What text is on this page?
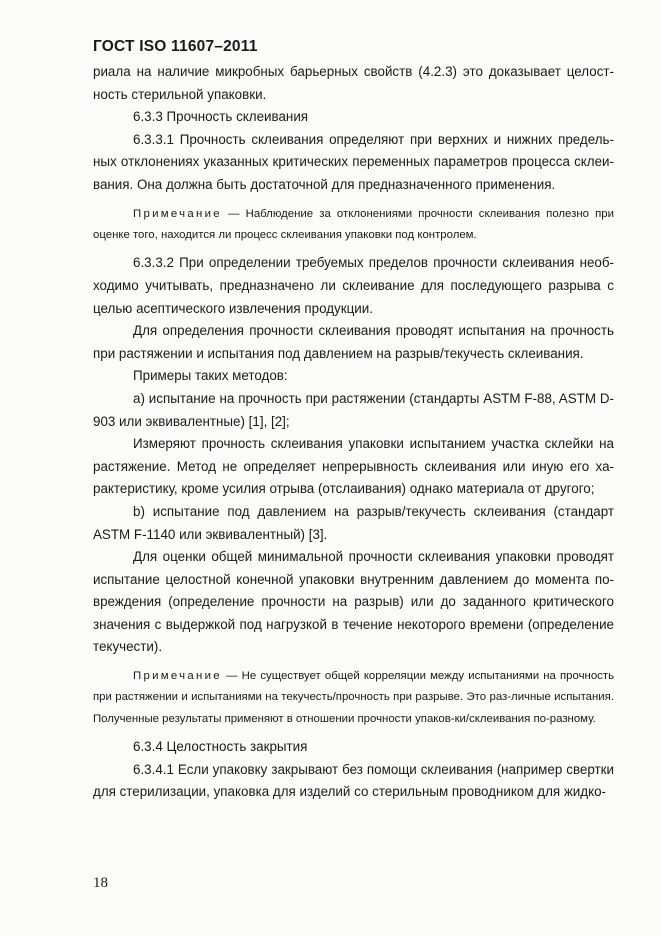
ГОСТ ISO 11607–2011

риала на наличие микробных барьерных свойств (4.2.3) это доказывает целост-ность стерильной упаковки.

6.3.3 Прочность склеивания

6.3.3.1 Прочность склеивания определяют при верхних и нижних предель-ных отклонениях указанных критических переменных параметров процесса склеи-вания. Она должна быть достаточной для предназначенного применения.

Примечание — Наблюдение за отклонениями прочности склеивания полезно при оценке того, находится ли процесс склеивания упаковки под контролем.

6.3.3.2 При определении требуемых пределов прочности склеивания необ-ходимо учитывать, предназначено ли склеивание для последующего разрыва с целью асептического извлечения продукции.

Для определения прочности склеивания проводят испытания на прочность при растяжении и испытания под давлением на разрыв/текучесть склеивания.

Примеры таких методов:

а) испытание на прочность при растяжении (стандарты ASTM F-88, ASTM D-903 или эквивалентные) [1], [2];

Измеряют прочность склеивания упаковки испытанием участка склейки на растяжение. Метод не определяет непрерывность склеивания или иную его ха-рактеристику, кроме усилия отрыва (отслаивания) однако материала от другого;

b) испытание под давлением на разрыв/текучесть склеивания (стандарт ASTM F-1140 или эквивалентный) [3].

Для оценки общей минимальной прочности склеивания упаковки проводят испытание целостной конечной упаковки внутренним давлением до момента по-вреждения (определение прочности на разрыв) или до заданного критического значения с выдержкой под нагрузкой в течение некоторого времени (определение текучести).

Примечание — Не существует общей корреляции между испытаниями на прочность при растяжении и испытаниями на текучесть/прочность при разрыве. Это раз-личные испытания. Полученные результаты применяют в отношении прочности упаков-ки/склеивания по-разному.

6.3.4 Целостность закрытия

6.3.4.1 Если упаковку закрывают без помощи склеивания (например свертки для стерилизации, упаковка для изделий со стерильным проводником для жидко-

18
